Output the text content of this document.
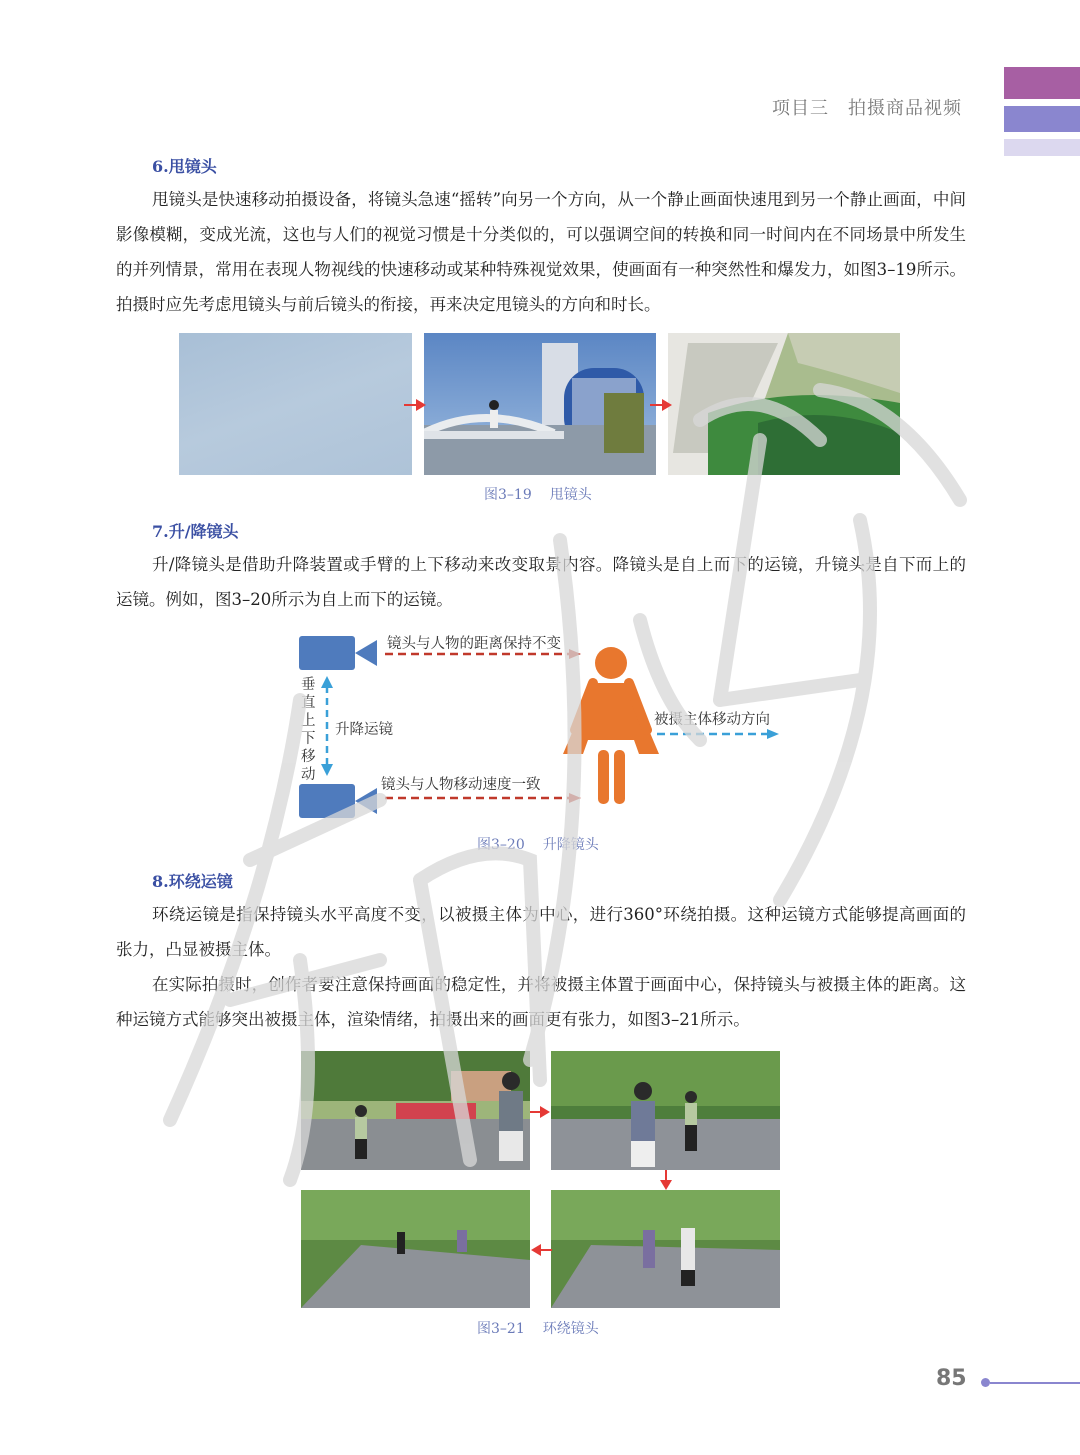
项目三　拍摄商品视频
6.甩镜头

甩镜头是快速移动拍摄设备，将镜头急速“摇转”向另一个方向，从一个静止画面快速甩到另一个静止画面，中间影像模糊，变成光流，这也与人们的视觉习惯是十分类似的，可以强调空间的转换和同一时间内在不同场景中所发生的并列情景，常用在表现人物视线的快速移动或某种特殊视觉效果，使画面有一种突然性和爆发力，如图3–19所示。拍摄时应先考虑甩镜头与前后镜头的衔接，再来决定甩镜头的方向和时长。

图3–19 甩镜头
7.升/降镜头

升/降镜头是借助升降装置或手臂的上下移动来改变取景内容。降镜头是自上而下的运镜，升镜头是自下而上的运镜。例如，图3–20所示为自上而下的运镜。

镜头与人物的距离保持不变
垂直上下移动
升降运镜
镜头与人物移动速度一致
被摄主体移动方向
图3–20 升降镜头
8.环绕运镜

环绕运镜是指保持镜头水平高度不变，以被摄主体为中心，进行360°环绕拍摄。这种运镜方式能够提高画面的张力，凸显被摄主体。

在实际拍摄时，创作者要注意保持画面的稳定性，并将被摄主体置于画面中心，保持镜头与被摄主体的距离。这种运镜方式能够突出被摄主体，渲染情绪，拍摄出来的画面更有张力，如图3–21所示。

图3–21 环绕镜头
85
